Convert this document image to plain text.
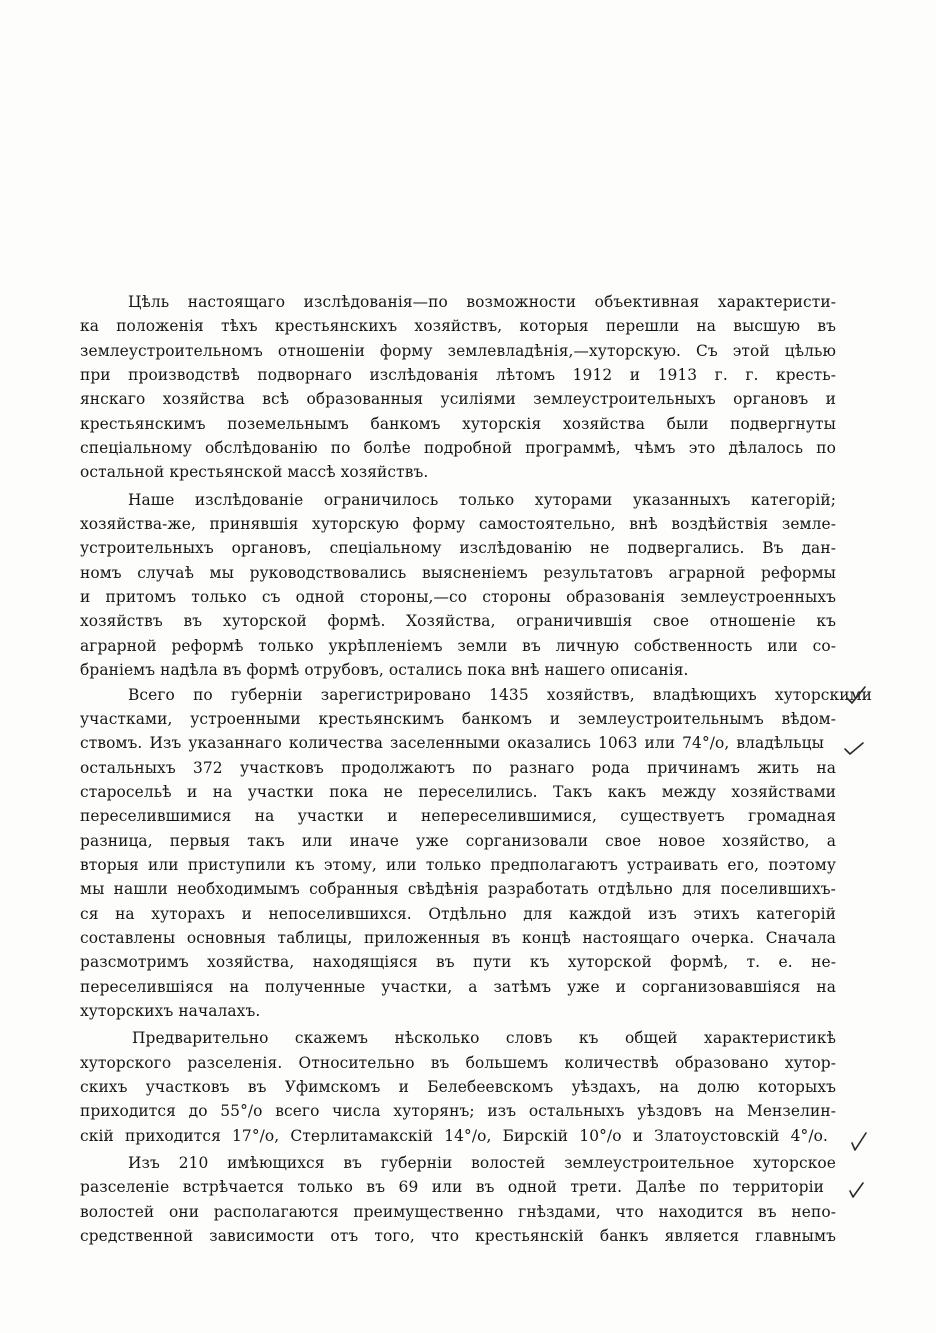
Цѣль настоящаго изслѣдованія—по возможности объективная характеристи-
ка положенія тѣхъ крестьянскихъ хозяйствъ, которыя перешли на высшую въ
землеустроительномъ отношеніи форму землевладѣнія,—хуторскую. Съ этой цѣлью
при производствѣ подворнаго изслѣдованія лѣтомъ 1912 и 1913 г. г. кресть-
янскаго хозяйства всѣ образованныя усиліями землеустроительныхъ органовъ и
крестьянскимъ поземельнымъ банкомъ хуторскія хозяйства были подвергнуты
спеціальному обслѣдованію по болѣе подробной программѣ, чѣмъ это дѣлалось по
остальной крестьянской массѣ хозяйствъ.
Наше изслѣдованіе ограничилось только хуторами указанныхъ категорій;
хозяйства-же, принявшія хуторскую форму самостоятельно, внѣ воздѣйствія земле-
устроительныхъ органовъ, спеціальному изслѣдованію не подвергались. Въ дан-
номъ случаѣ мы руководствовались выясненіемъ результатовъ аграрной реформы
и притомъ только съ одной стороны,—со стороны образованія землеустроенныхъ
хозяйствъ въ хуторской формѣ. Хозяйства, ограничившія свое отношеніе къ
аграрной реформѣ только укрѣпленіемъ земли въ личную собственность или со-
браніемъ надѣла въ формѣ отрубовъ, остались пока внѣ нашего описанія.
Всего по губерніи зарегистрировано 1435 хозяйствъ, владѣющихъ хуторскими
участками, устроенными крестьянскимъ банкомъ и землеустроительнымъ вѣдом-
ствомъ. Изъ указаннаго количества заселенными оказались 1063 или 74°/о, владѣльцы
остальныхъ 372 участковъ продолжаютъ по разнаго рода причинамъ жить на
старосельѣ и на участки пока не переселились. Такъ какъ между хозяйствами
переселившимися на участки и непереселившимися, существуетъ громадная
разница, первыя такъ или иначе уже сорганизовали свое новое хозяйство, а
вторыя или приступили къ этому, или только предполагаютъ устраивать его, поэтому
мы нашли необходимымъ собранныя свѣдѣнія разработать отдѣльно для поселившихъ-
ся на хуторахъ и непоселившихся. Отдѣльно для каждой изъ этихъ категорій
составлены основныя таблицы, приложенныя въ концѣ настоящаго очерка. Сначала
разсмотримъ хозяйства, находящіяся въ пути къ хуторской формѣ, т. е. не-
переселившіяся на полученные участки, а затѣмъ уже и сорганизовавшіяся на
хуторскихъ началахъ.
Предварительно скажемъ нѣсколько словъ къ общей характеристикѣ
хуторского разселенія. Относительно въ большемъ количествѣ образовано хутор-
скихъ участковъ въ Уфимскомъ и Белебеевскомъ уѣздахъ, на долю которыхъ
приходится до 55°/о всего числа хуторянъ; изъ остальныхъ уѣздовъ на Мензелин-
скій приходится 17°/о, Стерлитамакскій 14°/о, Бирскій 10°/о и Златоустовскій 4°/о.
Изъ 210 имѣющихся въ губерніи волостей землеустроительное хуторское
разселеніе встрѣчается только въ 69 или въ одной трети. Далѣе по территоріи
волостей они располагаются преимущественно гнѣздами, что находится въ непо-
средственной зависимости отъ того, что крестьянскій банкъ является главнымъ
